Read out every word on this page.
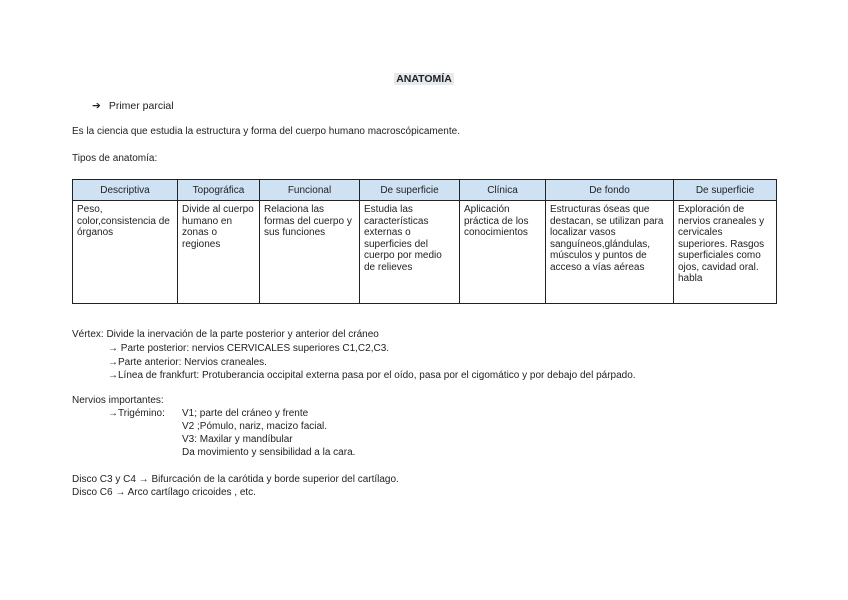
ANATOMÍA
➔ Primer parcial
Es la ciencia que estudia la estructura y forma del cuerpo humano macroscópicamente.
Tipos de anatomía:
Descriptiva	Topográfica	Funcional	De superficie	Clínica	De fondo	De superficie
Peso, color,consistencia de órganos	Divide al cuerpo humano en zonas o regiones	Relaciona las formas del cuerpo y sus funciones	Estudia las características externas o superficies del cuerpo por medio de relieves	Aplicación práctica de los conocimientos	Estructuras óseas que destacan, se utilizan para localizar vasos sanguíneos,glándulas, músculos y puntos de acceso a vías aéreas	Exploración de nervios craneales y cervicales superiores. Rasgos superficiales como ojos, cavidad oral. habla
Vértex: Divide la inervación de la parte posterior y anterior del cráneo
→ Parte posterior: nervios CERVICALES superiores C1,C2,C3.
→Parte anterior: Nervios craneales.
→Línea de frankfurt: Protuberancia occipital externa pasa por el oído, pasa por el cigomático y por debajo del párpado.
Nervios importantes:
→Trigémino: V1; parte del cráneo y frente
V2 ;Pómulo, nariz, macizo facial.
V3: Maxilar y mandíbular
Da movimiento y sensibilidad a la cara.
Disco C3 y C4 → Bifurcación de la carótida y borde superior del cartílago.
Disco C6 → Arco cartílago cricoides , etc.
